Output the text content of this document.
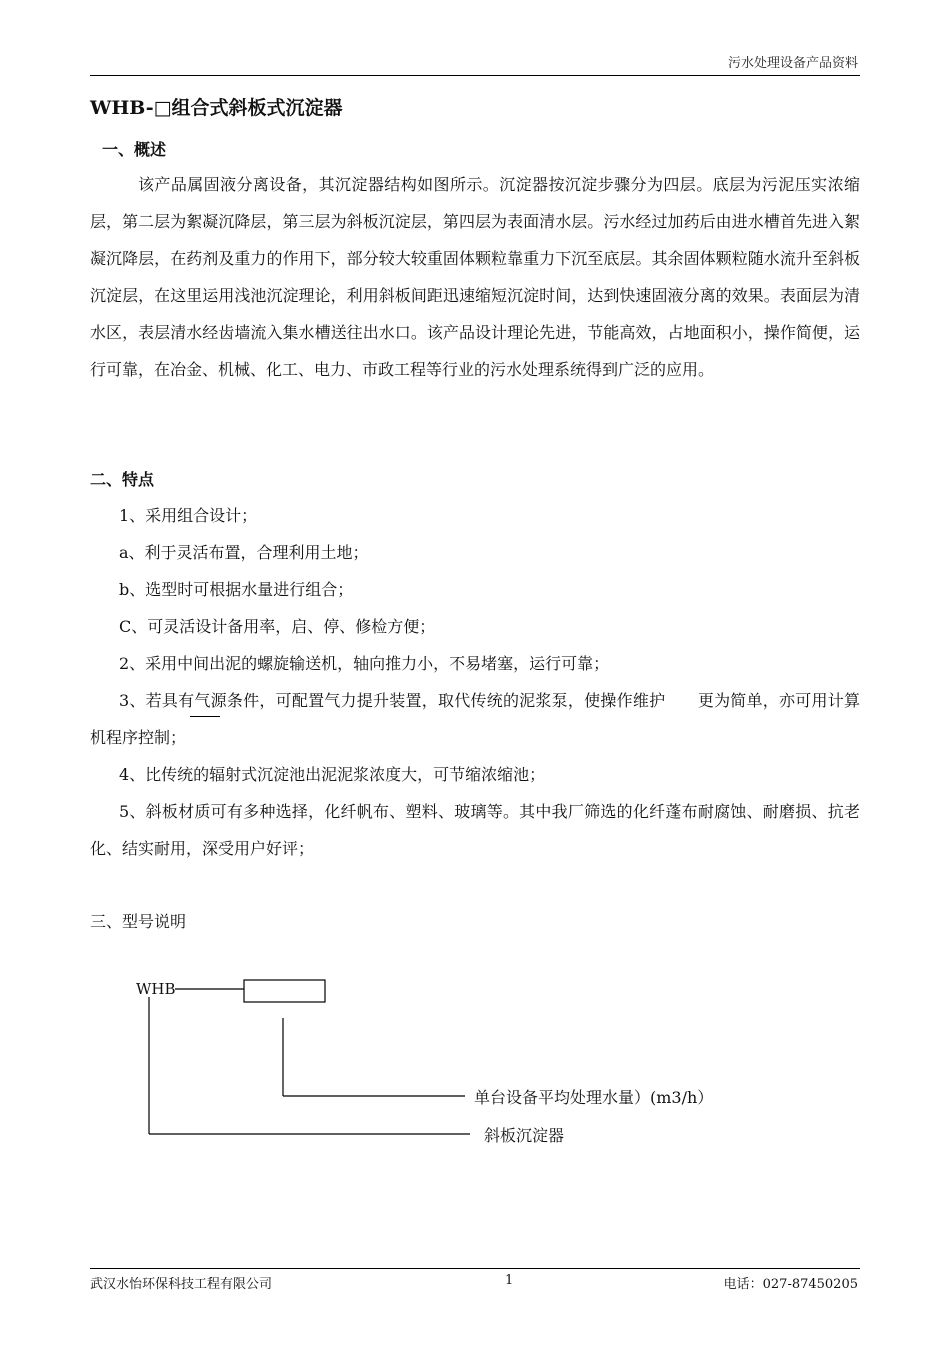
污水处理设备产品资料
WHB-□组合式斜板式沉淀器
一、概述

该产品属固液分离设备，其沉淀器结构如图所示。沉淀器按沉淀步骤分为四层。底层为污泥压实浓缩层，第二层为絮凝沉降层，第三层为斜板沉淀层，第四层为表面清水层。污水经过加药后由进水槽首先进入絮凝沉降层，在药剂及重力的作用下，部分较大较重固体颗粒靠重力下沉至底层。其余固体颗粒随水流升至斜板沉淀层，在这里运用浅池沉淀理论，利用斜板间距迅速缩短沉淀时间，达到快速固液分离的效果。表面层为清水区，表层清水经齿墙流入集水槽送往出水口。该产品设计理论先进，节能高效，占地面积小，操作简便，运行可靠，在冶金、机械、化工、电力、市政工程等行业的污水处理系统得到广泛的应用。

二、特点

1、采用组合设计；

a、利于灵活布置，合理利用土地；

b、选型时可根据水量进行组合；

C、可灵活设计备用率，启、停、修检方便；

2、采用中间出泥的螺旋输送机，轴向推力小，不易堵塞，运行可靠；

3、若具有气源条件，可配置气力提升装置，取代传统的泥浆泵，使操作维护　　更为简单，亦可用计算机程序控制；

4、比传统的辐射式沉淀池出泥泥浆浓度大，可节缩浓缩池；

5、斜板材质可有多种选择，化纤帆布、塑料、玻璃等。其中我厂筛选的化纤蓬布耐腐蚀、耐磨损、抗老化、结实耐用，深受用户好评；

三、型号说明
WHB
单台设备平均处理水量）(m3/h）
斜板沉淀器
武汉水怡环保科技工程有限公司	1	电话：027-87450205
